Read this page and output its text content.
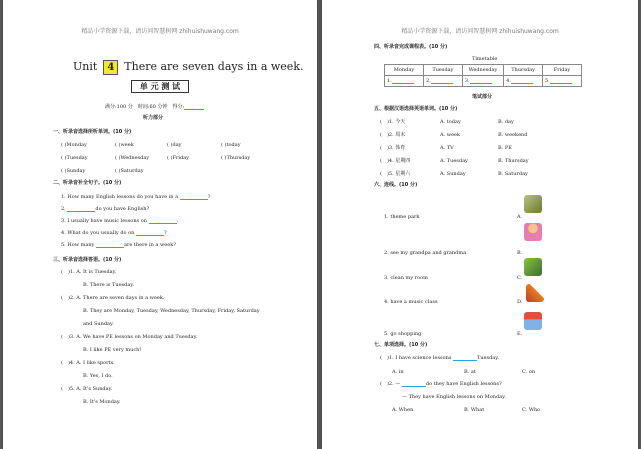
精品小学资源下载，请访问智慧树网 zhihuishuwang.com
Unit 4 There are seven days in a week.
单 元 测 试
满分:100 分　时间:60 分钟　得分:
听力部分
一、听录音选择所听单词。(10 分)
( )Monday	( )week	( )day	( )today
( )Tuesday	( )Wednesday	( )Friday	( )Thursday
( )Sunday	( )Saturday
二、听录音补全句子。(10 分)
1. How many English lessons do you have in a	?
2.	do you have English?
3. I usually have music lessons on	.
4. What do you usually do on	?
5. How many	are there in a week?
三、听录音选择答语。(10 分)
(　)1. A. It is Tuesday.
B. There is Tuesday.
(　)2. A. There are seven days in a week.
B. They are Monday, Tuesday, Wednesday, Thursday, Friday, Saturday
and Sunday.
(　)3. A. We have PE lessons on Monday and Tuesday.
B. I like PE very much!
(　)4. A. I like sports.
B. Yes, I do.
(　)5. A. It's Sunday.
B. It's Monday.
精品小学资源下载，请访问智慧树网 zhihuishuwang.com
四、听录音完成课程表。(10 分)
Timetable
Monday	Tuesday	Wednesday	Thursday	Friday
1.	2.	3.	4.	5.
笔试部分
五、根据汉语选择英语单词。(10 分)
(　)1. 今天	A. today	B. day
(　)2. 周末	A. week	B. weekend
(　)3. 体育	A. TV	B. PE
(　)4. 星期四	A. Tuesday	B. Thursday
(　)5. 星期六	A. Sunday	B. Saturday
六、连线。(10 分)
1. theme park
2. see my grandpa and grandma
3. clean my room
4. have a music class
5. go shopping
A.
B.
C.
D.
E.
七、单项选择。(10 分)
(　)1. I have science lessons	Tuesday.
A. in	B. at	C. on
(　)2. —	do they have English lessons?
— They have English lessons on Monday.
A. When	B. What	C. Who
